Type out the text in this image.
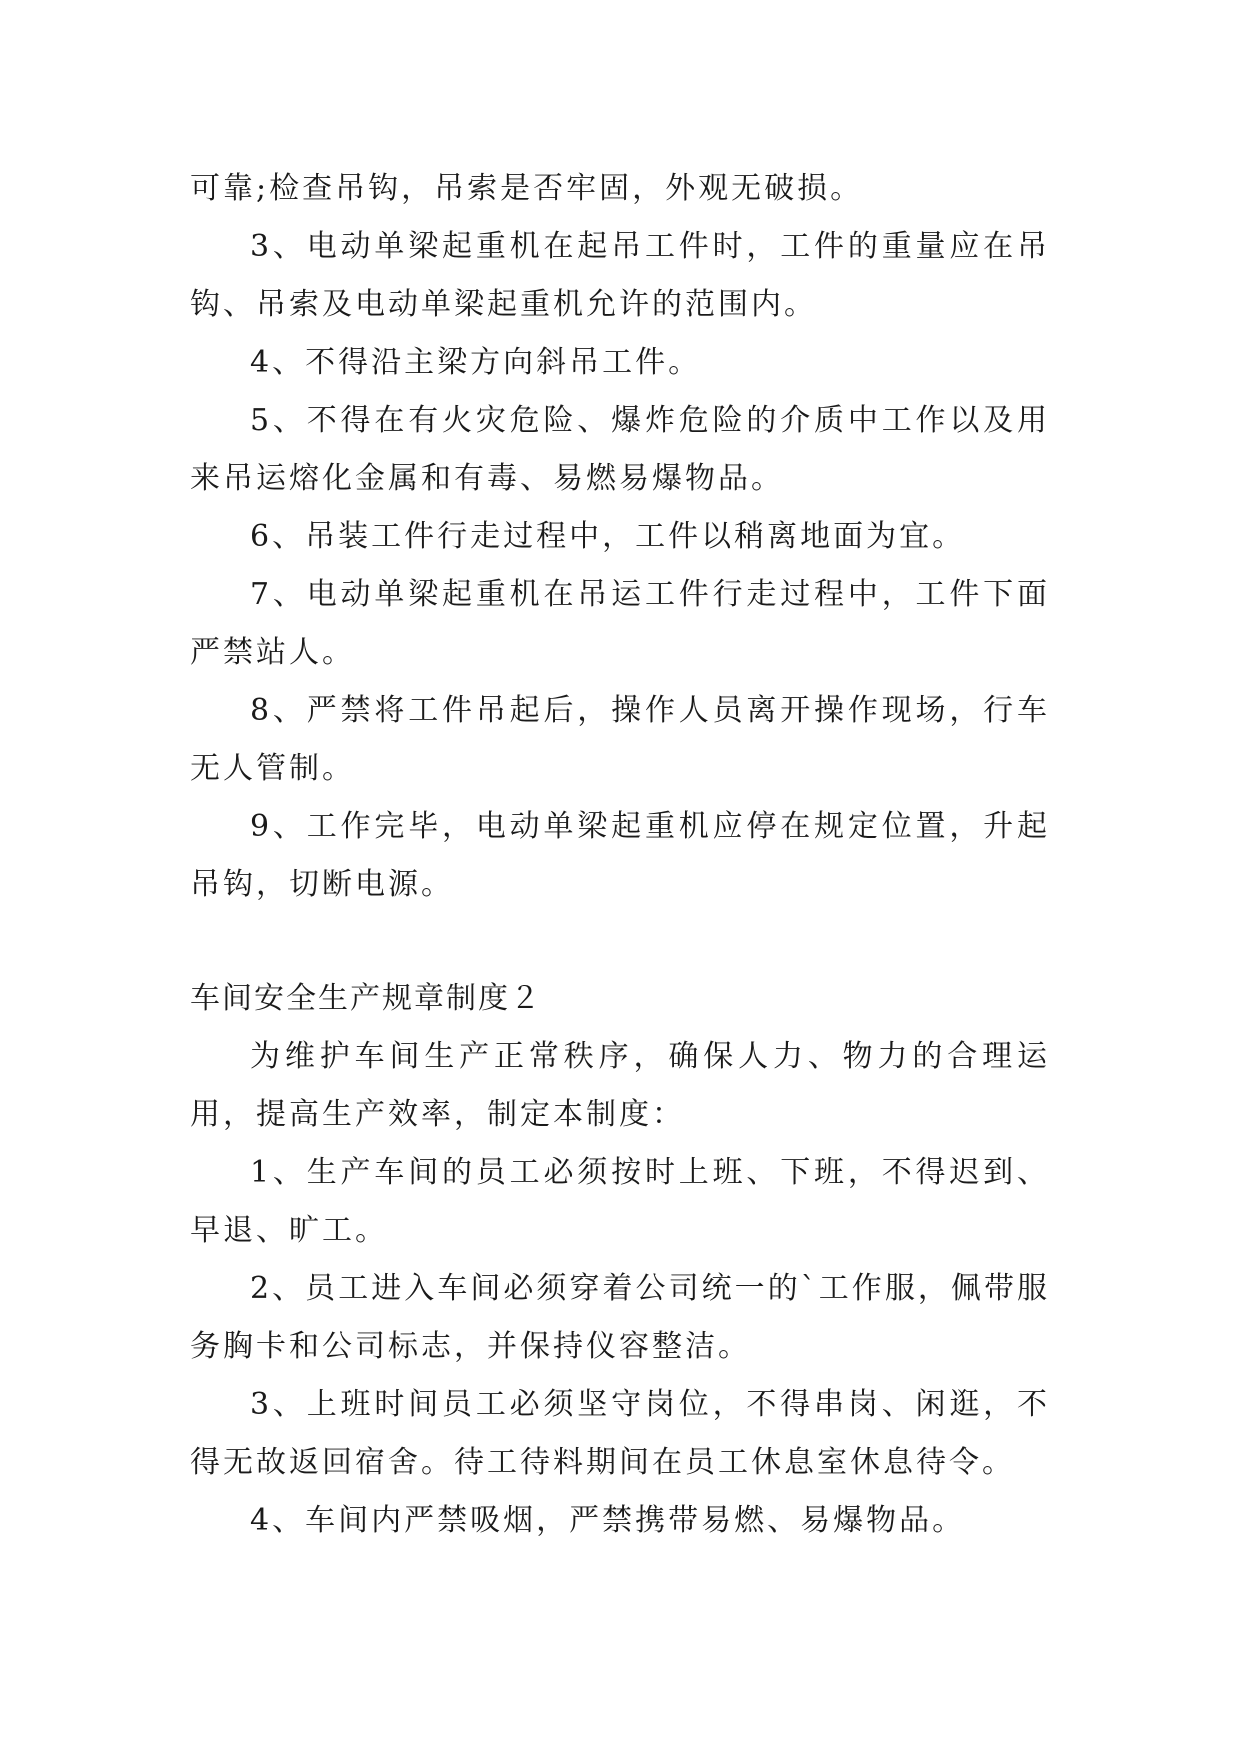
可靠;检查吊钩，吊索是否牢固，外观无破损。

3、电动单梁起重机在起吊工件时，工件的重量应在吊钩、吊索及电动单梁起重机允许的范围内。

4、不得沿主梁方向斜吊工件。

5、不得在有火灾危险、爆炸危险的介质中工作以及用来吊运熔化金属和有毒、易燃易爆物品。

6、吊装工件行走过程中，工件以稍离地面为宜。

7、电动单梁起重机在吊运工件行走过程中，工件下面严禁站人。

8、严禁将工件吊起后，操作人员离开操作现场，行车无人管制。

9、工作完毕，电动单梁起重机应停在规定位置，升起吊钩，切断电源。

车间安全生产规章制度２

为维护车间生产正常秩序，确保人力、物力的合理运用，提高生产效率，制定本制度：

1、生产车间的员工必须按时上班、下班，不得迟到、早退、旷工。

2、员工进入车间必须穿着公司统一的`工作服，佩带服务胸卡和公司标志，并保持仪容整洁。

3、上班时间员工必须坚守岗位，不得串岗、闲逛，不得无故返回宿舍。待工待料期间在员工休息室休息待令。

4、车间内严禁吸烟，严禁携带易燃、易爆物品。
